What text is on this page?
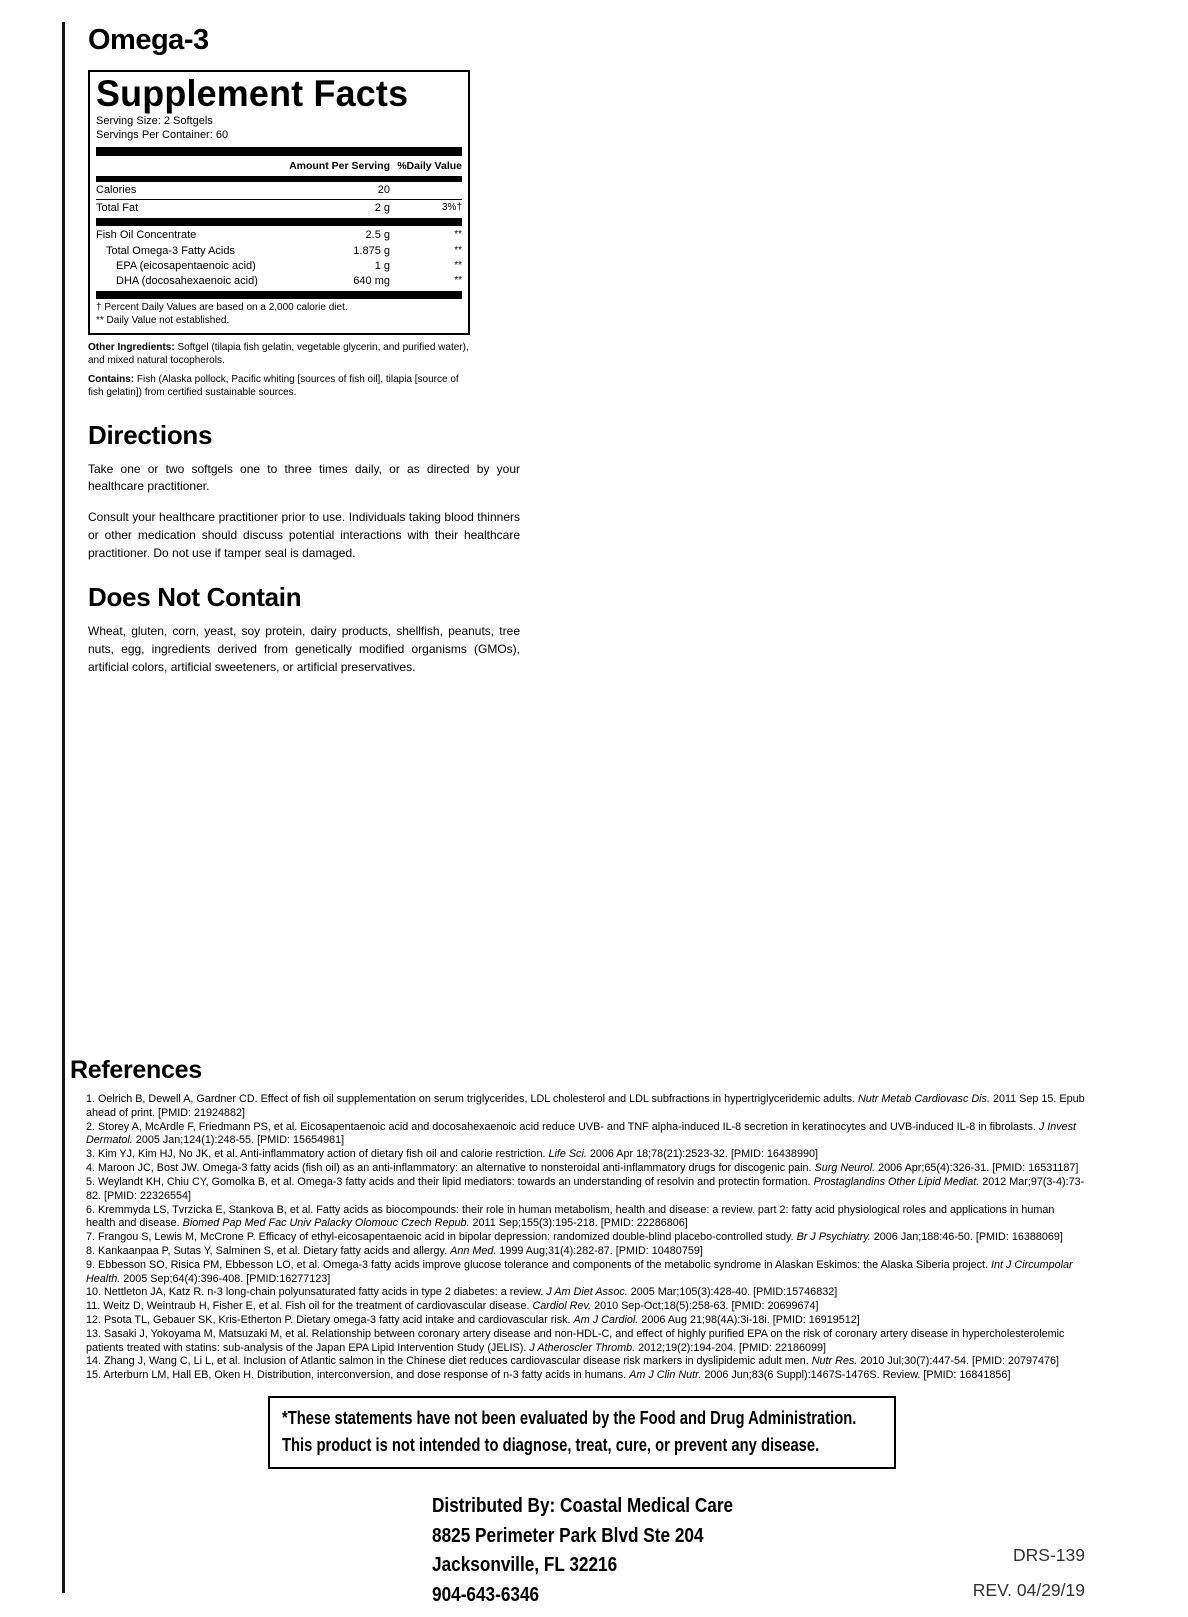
Omega-3
Supplement Facts
Serving Size: 2 Softgels
Servings Per Container: 60
Amount Per Serving %Daily Value
Calories	20
Total Fat	2 g	3%†
Fish Oil Concentrate	2.5 g	**
Total Omega-3 Fatty Acids	1.875 g	**
EPA (eicosapentaenoic acid)	1 g	**
DHA (docosahexaenoic acid)	640 mg	**
† Percent Daily Values are based on a 2,000 calorie diet.
** Daily Value not established.

Other Ingredients: Softgel (tilapia fish gelatin, vegetable glycerin, and purified water), and mixed natural tocopherols.

Contains: Fish (Alaska pollock, Pacific whiting [sources of fish oil], tilapia [source of fish gelatin]) from certified sustainable sources.

Directions

Take one or two softgels one to three times daily, or as directed by your healthcare practitioner.

Consult your healthcare practitioner prior to use. Individuals taking blood thinners or other medication should discuss potential interactions with their healthcare practitioner. Do not use if tamper seal is damaged.

Does Not Contain

Wheat, gluten, corn, yeast, soy protein, dairy products, shellfish, peanuts, tree nuts, egg, ingredients derived from genetically modified organisms (GMOs), artificial colors, artificial sweeteners, or artificial preservatives.

References
1. Oelrich B, Dewell A, Gardner CD. Effect of fish oil supplementation on serum triglycerides, LDL cholesterol and LDL subfractions in hypertriglyceridemic adults. Nutr Metab Cardiovasc Dis. 2011 Sep 15. Epub ahead of print. [PMID: 21924882]
2. Storey A, McArdle F, Friedmann PS, et al. Eicosapentaenoic acid and docosahexaenoic acid reduce UVB- and TNF alpha-induced IL-8 secretion in keratinocytes and UVB-induced IL-8 in fibrolasts. J Invest Dermatol. 2005 Jan;124(1):248-55. [PMID: 15654981]
3. Kim YJ, Kim HJ, No JK, et al. Anti-inflammatory action of dietary fish oil and calorie restriction. Life Sci. 2006 Apr 18;78(21):2523-32. [PMID: 16438990]
4. Maroon JC, Bost JW. Omega-3 fatty acids (fish oil) as an anti-inflammatory: an alternative to nonsteroidal anti-inflammatory drugs for discogenic pain. Surg Neurol. 2006 Apr;65(4):326-31. [PMID: 16531187]
5. Weylandt KH, Chiu CY, Gomolka B, et al. Omega-3 fatty acids and their lipid mediators: towards an understanding of resolvin and protectin formation. Prostaglandins Other Lipid Mediat. 2012 Mar;97(3-4):73-82. [PMID: 22326554]
6. Kremmyda LS, Tvrzicka E, Stankova B, et al. Fatty acids as biocompounds: their role in human metabolism, health and disease: a review. part 2: fatty acid physiological roles and applications in human health and disease. Biomed Pap Med Fac Univ Palacky Olomouc Czech Repub. 2011 Sep;155(3):195-218. [PMID: 22286806]
7. Frangou S, Lewis M, McCrone P. Efficacy of ethyl-eicosapentaenoic acid in bipolar depression: randomized double-blind placebo-controlled study. Br J Psychiatry. 2006 Jan;188:46-50. [PMID: 16388069]
8. Kankaanpaa P, Sutas Y, Salminen S, et al. Dietary fatty acids and allergy. Ann Med. 1999 Aug;31(4):282-87. [PMID: 10480759]
9. Ebbesson SO, Risica PM, Ebbesson LO, et al. Omega-3 fatty acids improve glucose tolerance and components of the metabolic syndrome in Alaskan Eskimos: the Alaska Siberia project. Int J Circumpolar Health. 2005 Sep;64(4):396-408. [PMID:16277123]
10. Nettleton JA, Katz R. n-3 long-chain polyunsaturated fatty acids in type 2 diabetes: a review. J Am Diet Assoc. 2005 Mar;105(3):428-40. [PMID:15746832]
11. Weitz D, Weintraub H, Fisher E, et al. Fish oil for the treatment of cardiovascular disease. Cardiol Rev. 2010 Sep-Oct;18(5):258-63. [PMID: 20699674]
12. Psota TL, Gebauer SK, Kris-Etherton P. Dietary omega-3 fatty acid intake and cardiovascular risk. Am J Cardiol. 2006 Aug 21;98(4A):3i-18i. [PMID: 16919512]
13. Sasaki J, Yokoyama M, Matsuzaki M, et al. Relationship between coronary artery disease and non-HDL-C, and effect of highly purified EPA on the risk of coronary artery disease in hypercholesterolemic patients treated with statins: sub-analysis of the Japan EPA Lipid Intervention Study (JELIS). J Atheroscler Thromb. 2012;19(2):194-204. [PMID: 22186099]
14. Zhang J, Wang C, Li L, et al. Inclusion of Atlantic salmon in the Chinese diet reduces cardiovascular disease risk markers in dyslipidemic adult men. Nutr Res. 2010 Jul;30(7):447-54. [PMID: 20797476]
15. Arterburn LM, Hall EB, Oken H. Distribution, interconversion, and dose response of n-3 fatty acids in humans. Am J Clin Nutr. 2006 Jun;83(6 Suppl):1467S-1476S. Review. [PMID: 16841856]
*These statements have not been evaluated by the Food and Drug Administration.
This product is not intended to diagnose, treat, cure, or prevent any disease.
Distributed By: Coastal Medical Care
8825 Perimeter Park Blvd Ste 204
Jacksonville, FL 32216
904-643-6346
DRS-139
REV. 04/29/19
